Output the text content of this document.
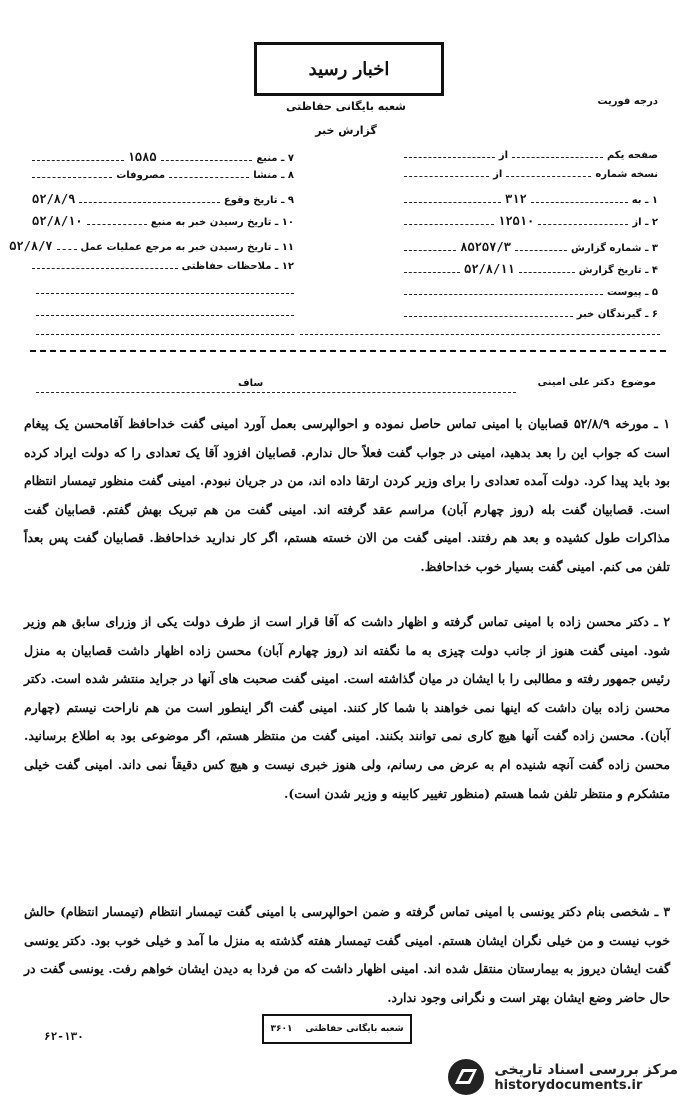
اخبار رسید
شعبه بایگانی حفاظتی
گزارش خبر
درجه فوریت
صفحه یکم
از
نسخه شماره
از
۱ ـ به
۳۱۲
۲ ـ از
۱۲۵۱۰
۳ ـ شماره گزارش
۸۵۲۵۷/۳
۴ ـ تاریخ گزارش
۵۲/۸/۱۱
۵ ـ پیوست
۶ ـ گیرندگان خبر
۷ ـ منبع
۱۵۸۵
۸ ـ منشا
مصروفات
۹ ـ تاریخ وقوع
۵۲/۸/۹
۱۰ ـ تاریخ رسیدن خبر به منبع
۵۲/۸/۱۰
۱۱ ـ تاریخ رسیدن خبر به مرجع عملیات عمل
۵۲/۸/۷
۱۲ ـ ملاحظات حفاظتی
موضوع
دکتر علی امینی
ساف
۱ ـ مورخه ۵۲/۸/۹ قصابیان با امینی تماس حاصل نموده و احوالپرسی بعمل آورد امینی گفت خداحافظ آقامحسن یک پیغام است که جواب این را بعد بدهید، امینی در جواب گفت فعلاً حال ندارم. قصابیان افزود آقا یک تعدادی را که دولت ایراد کرده بود باید پیدا کرد. دولت آمده تعدادی را برای وزیر کردن ارتقا داده اند، من در جریان نبودم. امینی گفت منظور تیمسار انتظام است. قصابیان گفت بله (روز چهارم آبان) مراسم عقد گرفته اند. امینی گفت من هم تبریک بهش گفتم. قصابیان گفت مذاکرات طول کشیده و بعد هم رفتند. امینی گفت من الان خسته هستم، اگر کار ندارید خداحافظ. قصابیان گفت پس بعداً تلفن می کنم. امینی گفت بسیار خوب خداحافظ.
۲ ـ دکتر محسن زاده با امینی تماس گرفته و اظهار داشت که آقا قرار است از طرف دولت یکی از وزرای سابق هم وزیر شود. امینی گفت هنوز از جانب دولت چیزی به ما نگفته اند (روز چهارم آبان) محسن زاده اظهار داشت قصابیان به منزل رئیس جمهور رفته و مطالبی را با ایشان در میان گذاشته است. امینی گفت صحبت های آنها در جراید منتشر شده است. دکتر محسن زاده بیان داشت که اینها نمی خواهند با شما کار کنند. امینی گفت اگر اینطور است من هم ناراحت نیستم (چهارم آبان). محسن زاده گفت آنها هیچ کاری نمی توانند بکنند. امینی گفت من منتظر هستم، اگر موضوعی بود به اطلاع برسانید. محسن زاده گفت آنچه شنیده ام به عرض می رسانم، ولی هنوز خبری نیست و هیچ کس دقیقاً نمی داند. امینی گفت خیلی متشکرم و منتظر تلفن شما هستم (منظور تغییر کابینه و وزیر شدن است).
۳ ـ شخصی بنام دکتر یونسی با امینی تماس گرفته و ضمن احوالپرسی با امینی گفت تیمسار انتظام (تیمسار انتظام) حالش خوب نیست و من خیلی نگران ایشان هستم. امینی گفت تیمسار هفته گذشته به منزل ما آمد و خیلی خوب بود. دکتر یونسی گفت ایشان دیروز به بیمارستان منتقل شده اند. امینی اظهار داشت که من فردا به دیدن ایشان خواهم رفت. یونسی گفت در حال حاضر وضع ایشان بهتر است و نگرانی وجود ندارد.
شعبه بایگانی حفاظتی
۳۶۰۱
۶۲-۱۳۰
مرکز بررسی اسناد تاریخی
historydocuments.ir
